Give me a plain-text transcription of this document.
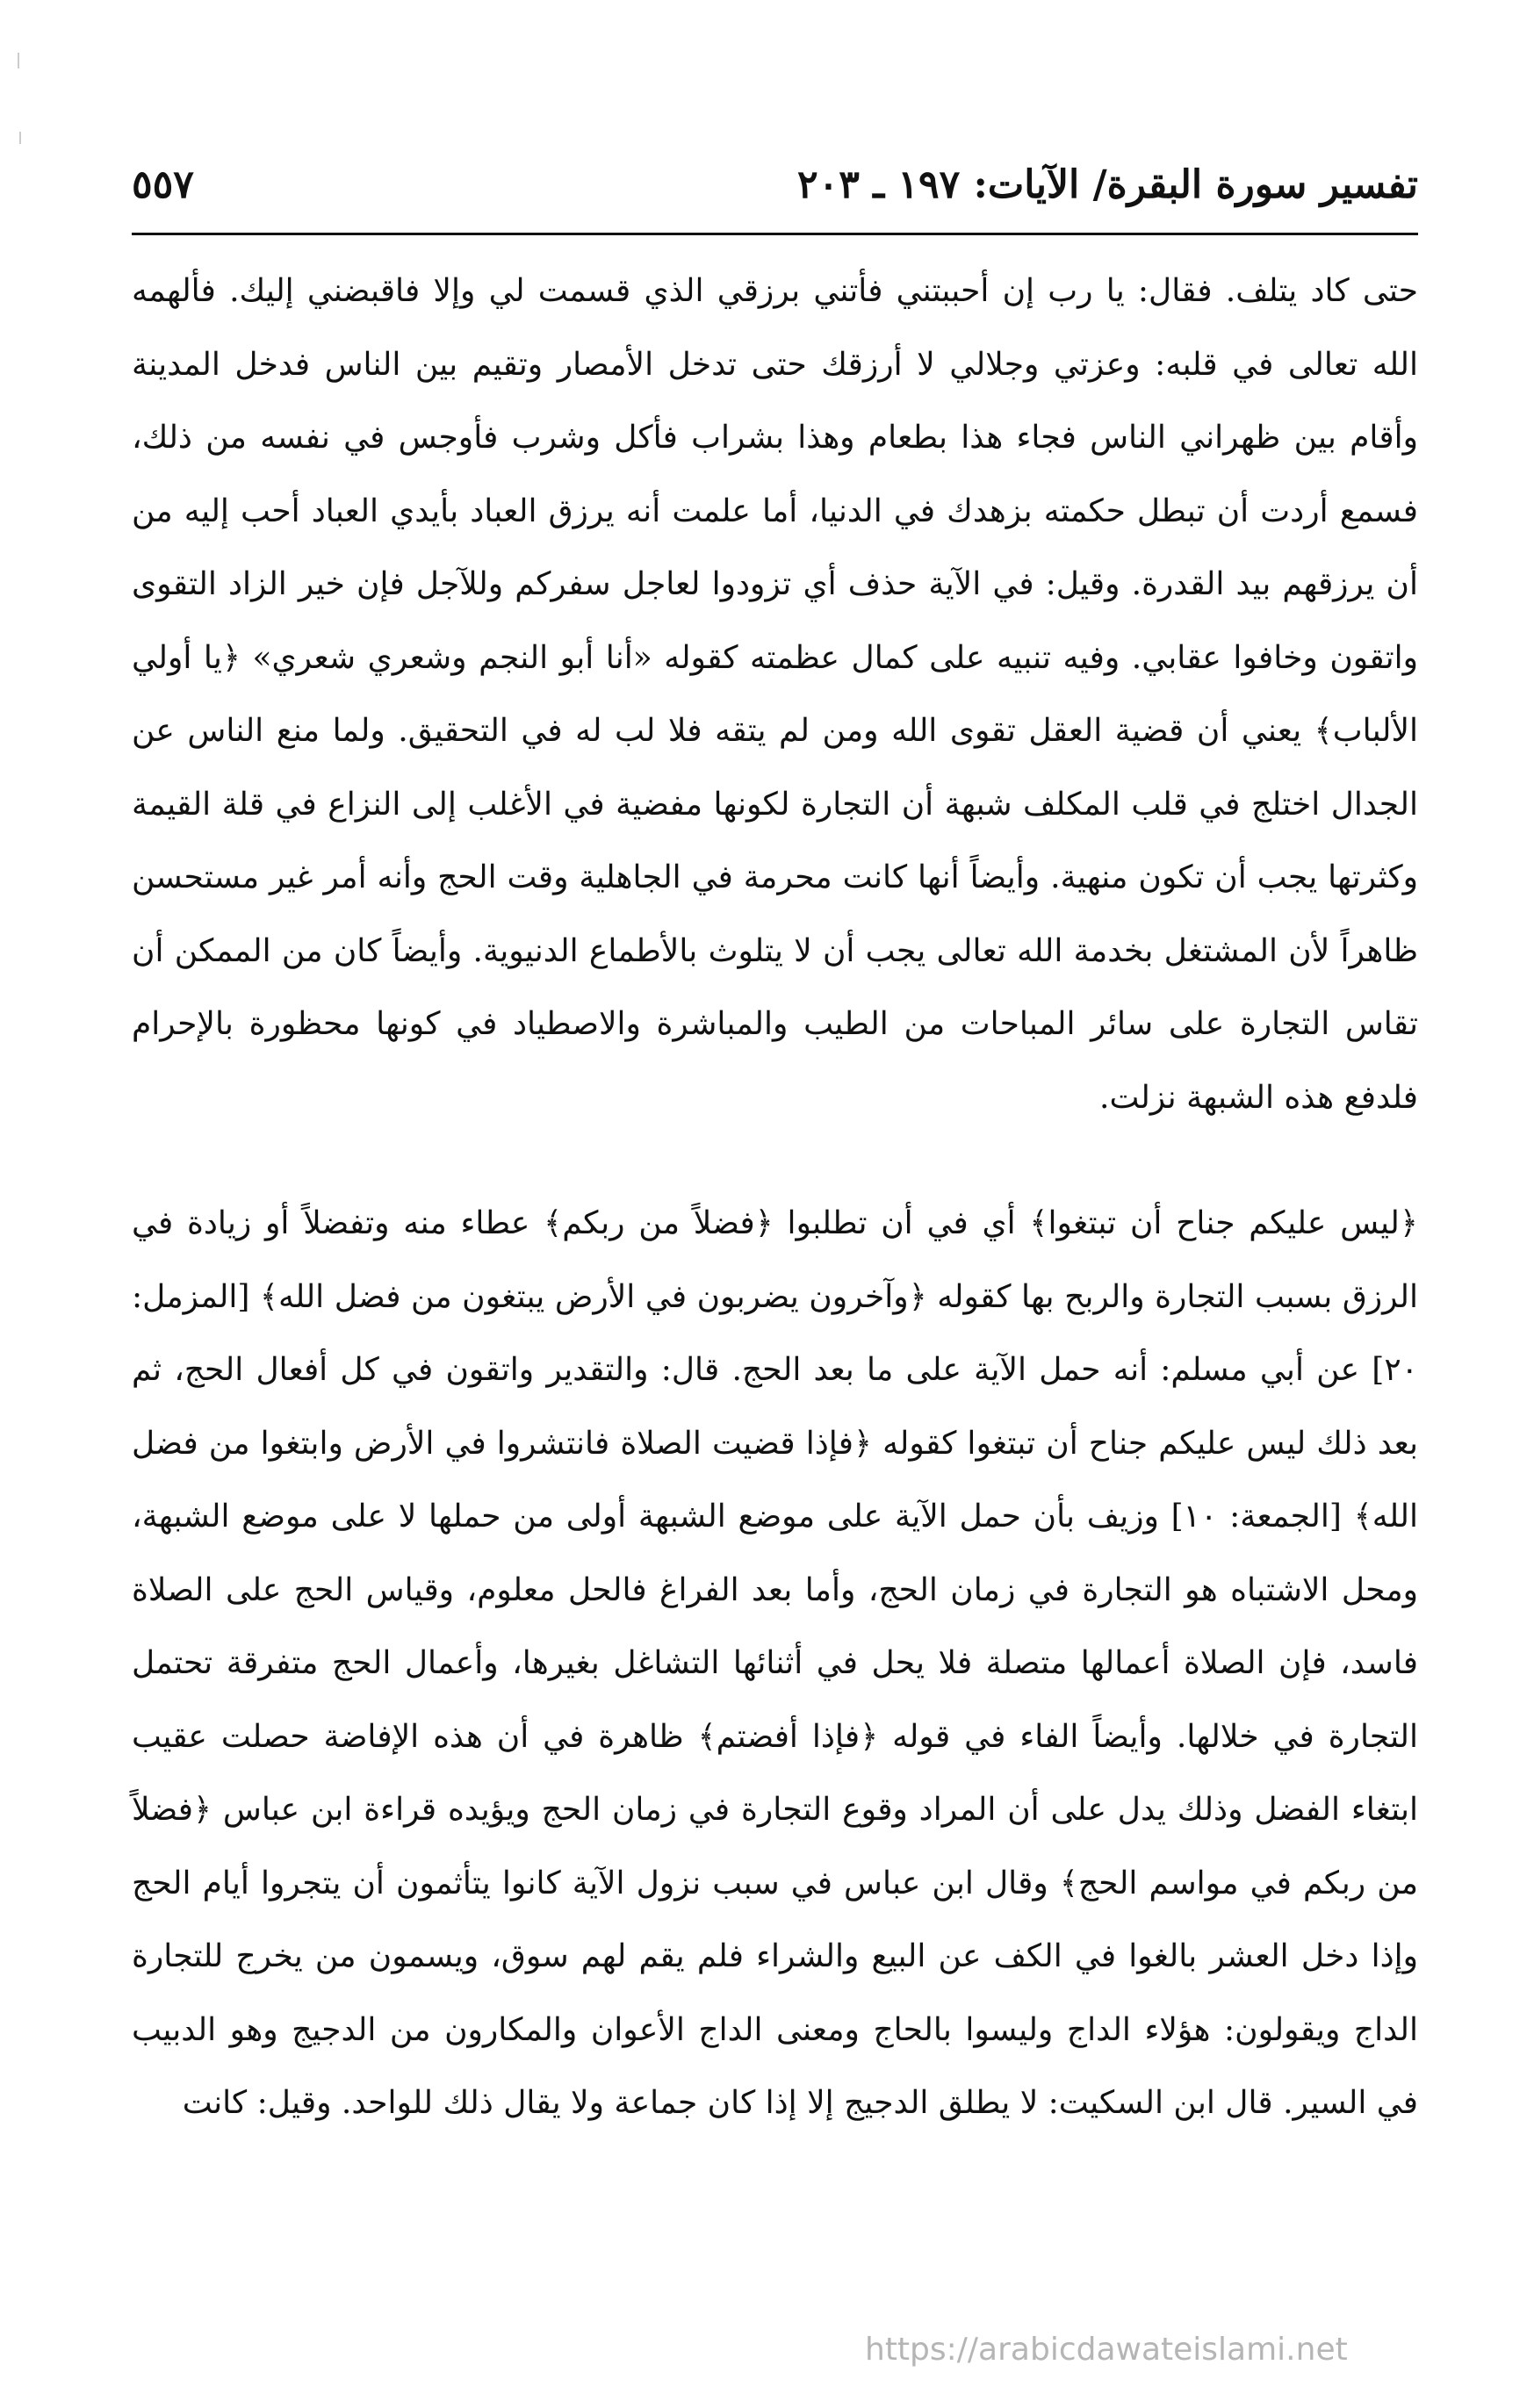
تفسير سورة البقرة/ الآيات: ١٩٧ ـ ٢٠٣
٥٥٧

حتى كاد يتلف. فقال: يا رب إن أحببتني فأتني برزقي الذي قسمت لي وإلا فاقبضني إليك. فألهمه الله تعالى في قلبه: وعزتي وجلالي لا أرزقك حتى تدخل الأمصار وتقيم بين الناس فدخل المدينة وأقام بين ظهراني الناس فجاء هذا بطعام وهذا بشراب فأكل وشرب فأوجس في نفسه من ذلك، فسمع أردت أن تبطل حكمته بزهدك في الدنيا، أما علمت أنه يرزق العباد بأيدي العباد أحب إليه من أن يرزقهم بيد القدرة. وقيل: في الآية حذف أي تزودوا لعاجل سفركم وللآجل فإن خير الزاد التقوى واتقون وخافوا عقابي. وفيه تنبيه على كمال عظمته كقوله «أنا أبو النجم وشعري شعري» ﴿يا أولي الألباب﴾ يعني أن قضية العقل تقوى الله ومن لم يتقه فلا لب له في التحقيق. ولما منع الناس عن الجدال اختلج في قلب المكلف شبهة أن التجارة لكونها مفضية في الأغلب إلى النزاع في قلة القيمة وكثرتها يجب أن تكون منهية. وأيضاً أنها كانت محرمة في الجاهلية وقت الحج وأنه أمر غير مستحسن ظاهراً لأن المشتغل بخدمة الله تعالى يجب أن لا يتلوث بالأطماع الدنيوية. وأيضاً كان من الممكن أن تقاس التجارة على سائر المباحات من الطيب والمباشرة والاصطياد في كونها محظورة بالإحرام فلدفع هذه الشبهة نزلت.

﴿ليس عليكم جناح أن تبتغوا﴾ أي في أن تطلبوا ﴿فضلاً من ربكم﴾ عطاء منه وتفضلاً أو زيادة في الرزق بسبب التجارة والربح بها كقوله ﴿وآخرون يضربون في الأرض يبتغون من فضل الله﴾ [المزمل: ٢٠] عن أبي مسلم: أنه حمل الآية على ما بعد الحج. قال: والتقدير واتقون في كل أفعال الحج، ثم بعد ذلك ليس عليكم جناح أن تبتغوا كقوله ﴿فإذا قضيت الصلاة فانتشروا في الأرض وابتغوا من فضل الله﴾ [الجمعة: ١٠] وزيف بأن حمل الآية على موضع الشبهة أولى من حملها لا على موضع الشبهة، ومحل الاشتباه هو التجارة في زمان الحج، وأما بعد الفراغ فالحل معلوم، وقياس الحج على الصلاة فاسد، فإن الصلاة أعمالها متصلة فلا يحل في أثنائها التشاغل بغيرها، وأعمال الحج متفرقة تحتمل التجارة في خلالها. وأيضاً الفاء في قوله ﴿فإذا أفضتم﴾ ظاهرة في أن هذه الإفاضة حصلت عقيب ابتغاء الفضل وذلك يدل على أن المراد وقوع التجارة في زمان الحج ويؤيده قراءة ابن عباس ﴿فضلاً من ربكم في مواسم الحج﴾ وقال ابن عباس في سبب نزول الآية كانوا يتأثمون أن يتجروا أيام الحج وإذا دخل العشر بالغوا في الكف عن البيع والشراء فلم يقم لهم سوق، ويسمون من يخرج للتجارة الداج ويقولون: هؤلاء الداج وليسوا بالحاج ومعنى الداج الأعوان والمكارون من الدجيج وهو الدبيب في السير. قال ابن السكيت: لا يطلق الدجيج إلا إذا كان جماعة ولا يقال ذلك للواحد. وقيل: كانت

https://arabicdawateislami.net
